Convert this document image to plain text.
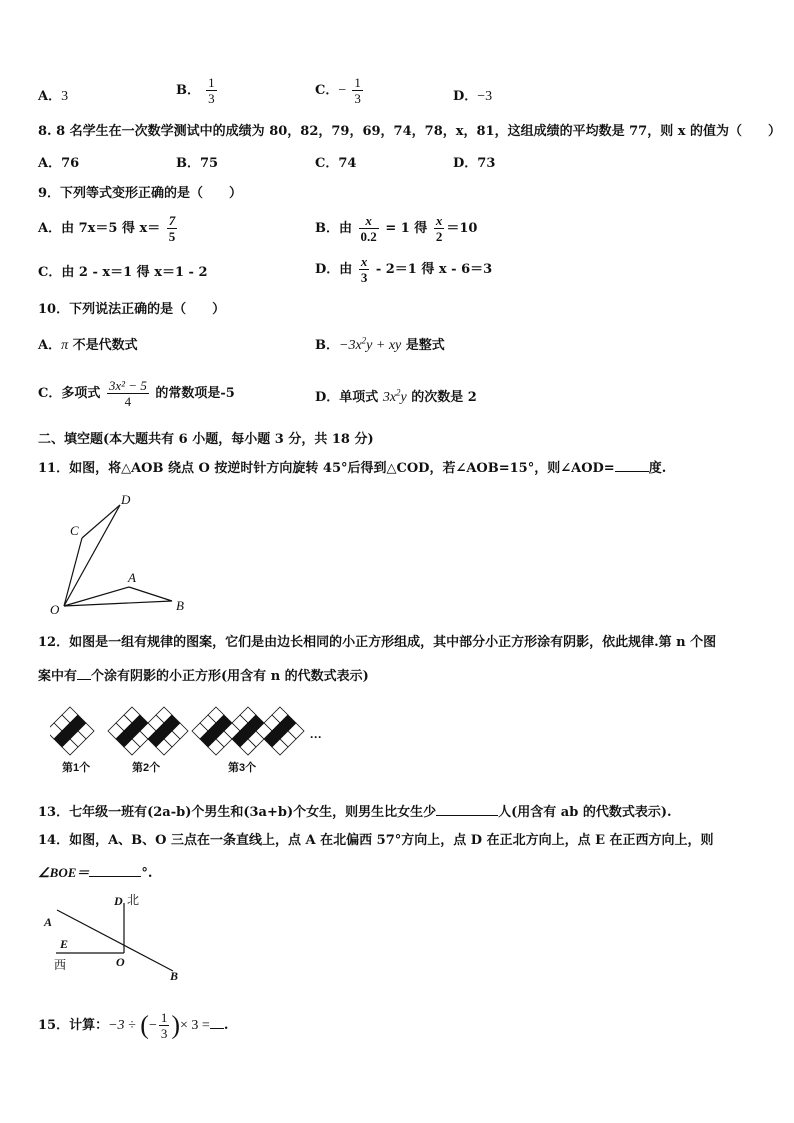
A．3	B． $\frac{1}{3}$	C．− $\frac{1}{3}$	D．−3
8. 8 名学生在一次数学测试中的成绩为 80，82，79，69，74，78，x，81，这组成绩的平均数是 77，则 x 的值为（　　）
A．76	B．75	C．74	D．73
9．下列等式变形正确的是（　　）
A．由 7x＝5 得 $x= \frac{7}{5}$	B．由 $\frac{x}{0.2} = 1$ 得 $\frac{x}{2} =10$
C．由 2 - x＝1 得 x＝1 - 2	D．由 $\frac{x}{3} - 2=1$ 得 x - 6＝3
10．下列说法正确的是（　　）
A．π 不是代数式	B．$-3x^2y$ + xy 是整式
C．多项式 $\frac{\text{3x² − 5}}{4}$ 的常数项是-5	D．单项式 $3x^2y$ 的次数是 2
二、填空题(本大题共有 6 小题，每小题 3 分，共 18 分)
11．如图，将△AOB 绕点 O 按逆时针方向旋转 45°后得到△COD，若∠AOB=15°，则∠AOD=	度.
D
C
A
O	B
12．如图是一组有规律的图案，它们是由边长相同的小正方形组成，其中部分小正方形涂有阴影，依此规律.第 n 个图
案中有 个涂有阴影的小正方形(用含有 n 的代数式表示)
第1个	第2个	第3个
···
13．七年级一班有(2a-b)个男生和(3a+b)个女生，则男生比女生少	人(用含有 ab 的代数式表示).
14．如图，A、B、O 三点在一条直线上，点 A 在北偏西 57°方向上，点 D 在正北方向上，点 E 在正西方向上，则
∠BOE＝	°.
D
A
E
O
B
北
西
15．计算：−3 ÷ (− $\frac{1}{3}$ )× 3 = .
